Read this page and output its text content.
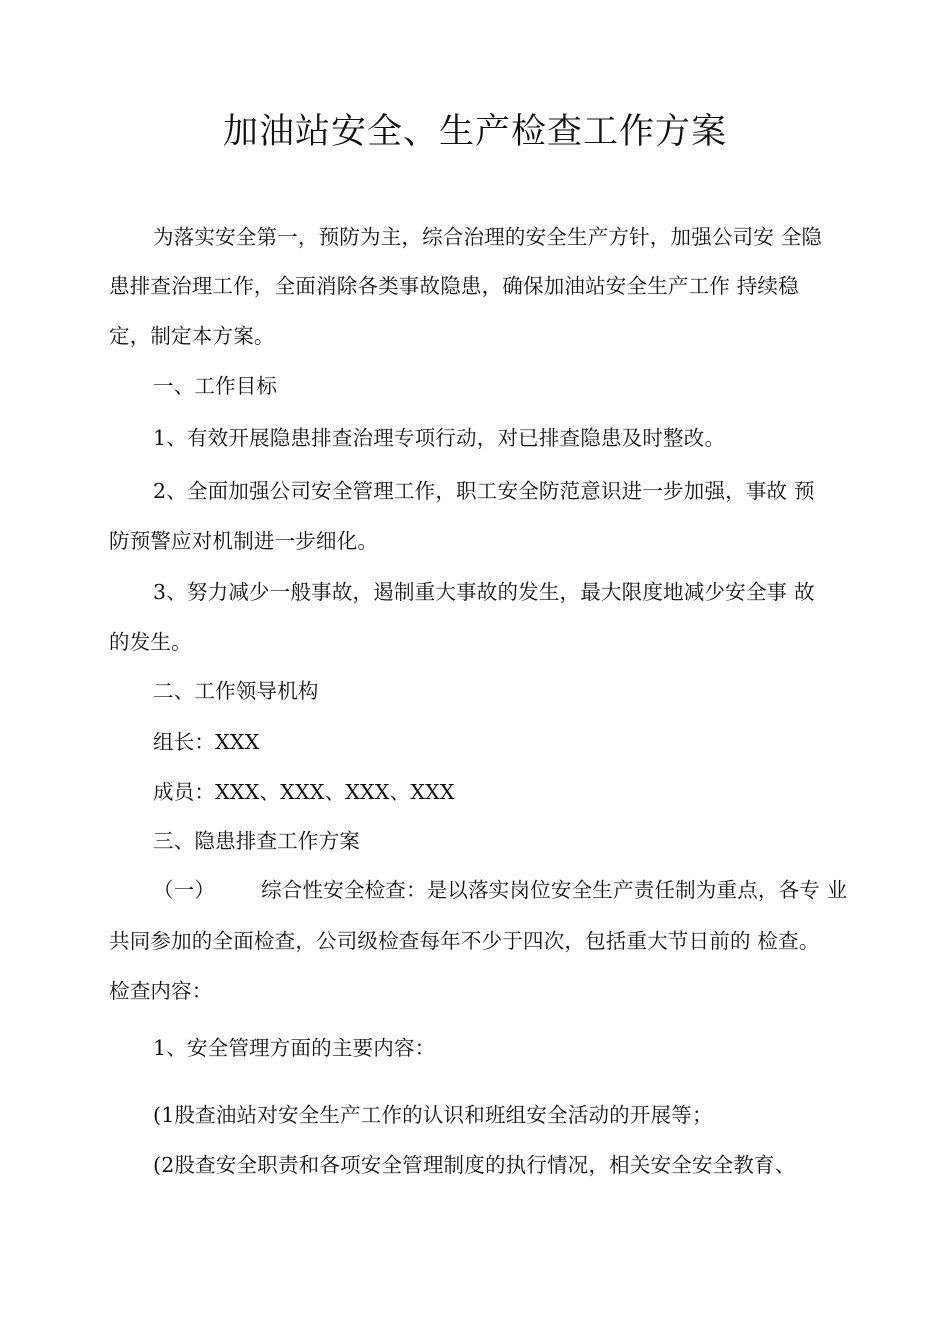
加油站安全、生产检查工作方案
为落实安全第一，预防为主，综合治理的安全生产方针，加强公司安 全隐
患排查治理工作，全面消除各类事故隐患，确保加油站安全生产工作 持续稳
定，制定本方案。
一、工作目标
1、有效开展隐患排查治理专项行动，对已排查隐患及时整改。
2、全面加强公司安全管理工作，职工安全防范意识进一步加强，事故 预
防预警应对机制进一步细化。
3、努力减少一般事故，遏制重大事故的发生，最大限度地减少安全事 故
的发生。
二、工作领导机构
组长：XXX
成员：XXX、XXX、XXX、XXX
三、隐患排查工作方案
（一） 综合性安全检查：是以落实岗位安全生产责任制为重点，各专 业
共同参加的全面检查，公司级检查每年不少于四次，包括重大节日前的 检查。
检查内容：
1、安全管理方面的主要内容：
(1股查油站对安全生产工作的认识和班组安全活动的开展等；
(2股查安全职责和各项安全管理制度的执行情况，相关安全安全教育、
